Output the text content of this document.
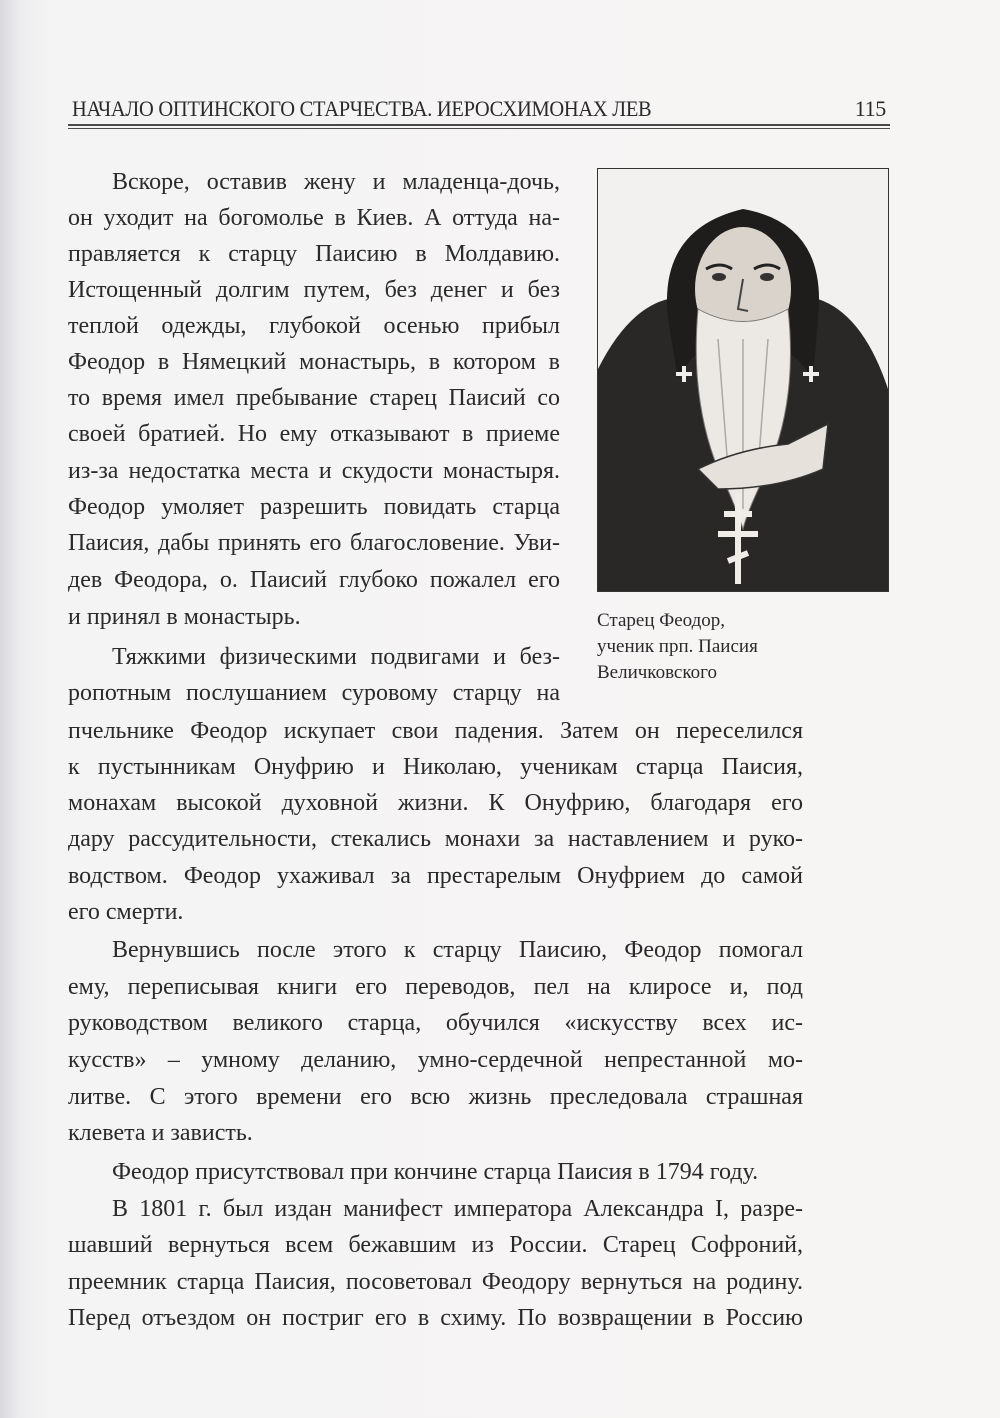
НАЧАЛО ОПТИНСКОГО СТАРЧЕСТВА. ИЕРОСХИМОНАХ ЛЕВ	115
Старец Феодор,
ученик прп. Паисия
Величковского
Вскоре, оставив жену и младенца-дочь,
он уходит на богомолье в Киев. А оттуда на-
правляется к старцу Паисию в Молдавию.
Истощенный долгим путем, без денег и без
теплой одежды, глубокой осенью прибыл
Феодор в Нямецкий монастырь, в котором в
то время имел пребывание старец Паисий со
своей братией. Но ему отказывают в приеме
из-за недостатка места и скудости монастыря.
Феодор умоляет разрешить повидать старца
Паисия, дабы принять его благословение. Уви-
дев Феодора, о. Паисий глубоко пожалел его
и принял в монастырь.
Тяжкими физическими подвигами и без-
ропотным послушанием суровому старцу на
пчельнике Феодор искупает свои падения. Затем он переселился
к пустынникам Онуфрию и Николаю, ученикам старца Паисия,
монахам высокой духовной жизни. К Онуфрию, благодаря его
дару рассудительности, стекались монахи за наставлением и руко-
водством. Феодор ухаживал за престарелым Онуфрием до самой
его смерти.
Вернувшись после этого к старцу Паисию, Феодор помогал
ему, переписывая книги его переводов, пел на клиросе и, под
руководством великого старца, обучился «искусству всех ис-
кусств» – умному деланию, умно-сердечной непрестанной мо-
литве. С этого времени его всю жизнь преследовала страшная
клевета и зависть.
Феодор присутствовал при кончине старца Паисия в 1794 году.
В 1801 г. был издан манифест императора Александра I, разре-
шавший вернуться всем бежавшим из России. Старец Софроний,
преемник старца Паисия, посоветовал Феодору вернуться на родину.
Перед отъездом он постриг его в схиму. По возвращении в Россию
